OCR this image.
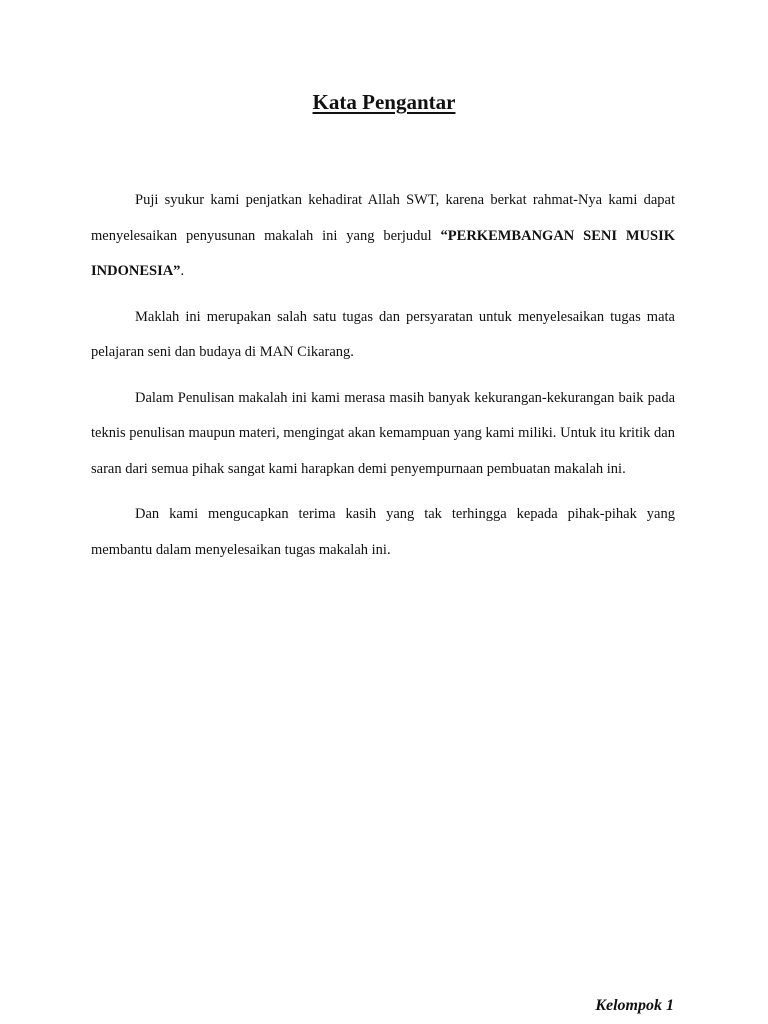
Kata Pengantar

Puji syukur kami penjatkan kehadirat Allah SWT, karena berkat rahmat-Nya kami dapat menyelesaikan penyusunan makalah ini yang berjudul “PERKEMBANGAN SENI MUSIK INDONESIA”.

Maklah ini merupakan salah satu tugas dan persyaratan untuk menyelesaikan tugas mata pelajaran seni dan budaya di MAN Cikarang.

Dalam Penulisan makalah ini kami merasa masih banyak kekurangan-kekurangan baik pada teknis penulisan maupun materi, mengingat akan kemampuan yang kami miliki. Untuk itu kritik dan saran dari semua pihak sangat kami harapkan demi penyempurnaan pembuatan makalah ini.

Dan kami mengucapkan terima kasih yang tak terhingga kepada pihak-pihak yang membantu dalam menyelesaikan tugas makalah ini.

Kelompok 1
